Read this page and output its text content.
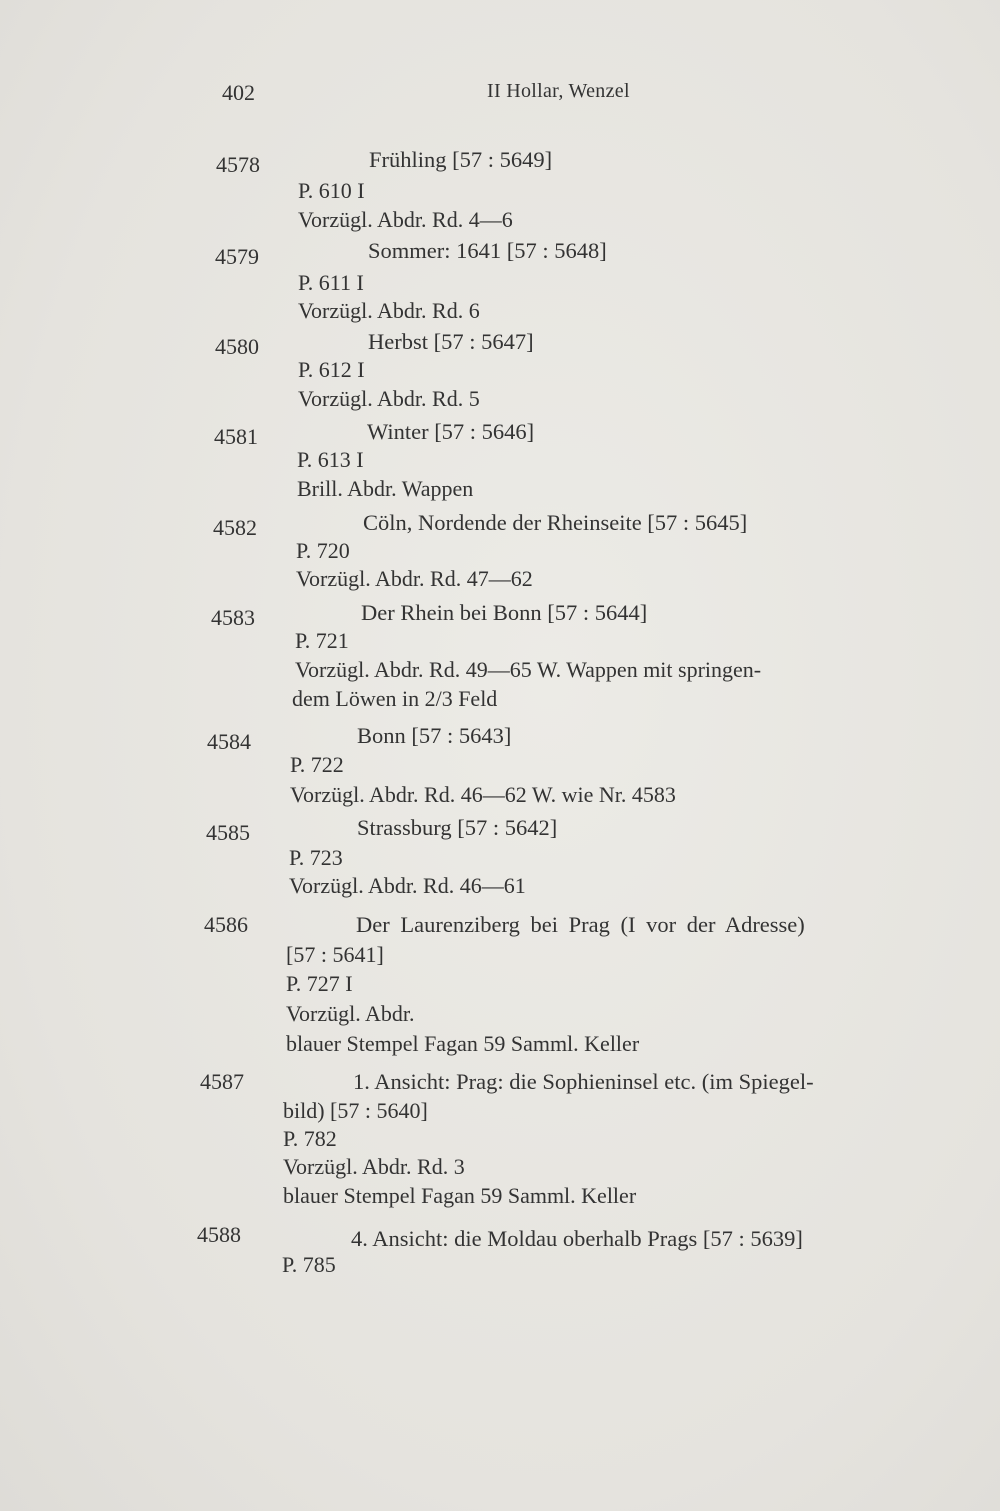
402	II Hollar, Wenzel
4578	Frühling [57 : 5649]
P. 610 I
Vorzügl. Abdr. Rd. 4—6
4579	Sommer: 1641 [57 : 5648]
P. 611 I
Vorzügl. Abdr. Rd. 6
4580	Herbst [57 : 5647]
P. 612 I
Vorzügl. Abdr. Rd. 5
4581	Winter [57 : 5646]
P. 613 I
Brill. Abdr. Wappen
4582	Cöln, Nordende der Rheinseite [57 : 5645]
P. 720
Vorzügl. Abdr. Rd. 47—62
4583	Der Rhein bei Bonn [57 : 5644]
P. 721
Vorzügl. Abdr. Rd. 49—65 W. Wappen mit springen-
dem Löwen in 2/3 Feld
4584	Bonn [57 : 5643]
P. 722
Vorzügl. Abdr. Rd. 46—62 W. wie Nr. 4583
4585	Strassburg [57 : 5642]
P. 723
Vorzügl. Abdr. Rd. 46—61
4586	Der Laurenziberg bei Prag (I vor der Adresse)
[57 : 5641]
P. 727 I
Vorzügl. Abdr.
blauer Stempel Fagan 59 Samml. Keller
4587	1. Ansicht: Prag: die Sophieninsel etc. (im Spiegel-
bild) [57 : 5640]
P. 782
Vorzügl. Abdr. Rd. 3
blauer Stempel Fagan 59 Samml. Keller
4588	4. Ansicht: die Moldau oberhalb Prags [57 : 5639]
P. 785
